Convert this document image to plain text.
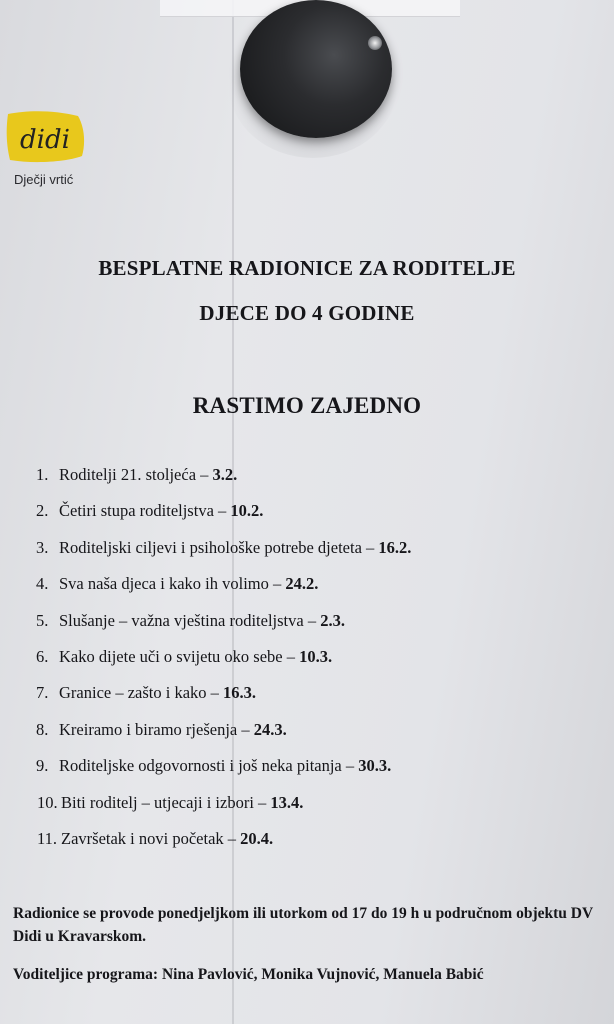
didi
Dječji vrtić
BESPLATNE RADIONICE ZA RODITELJE
DJECE DO 4 GODINE
RASTIMO ZAJEDNO
1. Roditelji 21. stoljeća – 3.2.
2. Četiri stupa roditeljstva – 10.2.
3. Roditeljski ciljevi i psihološke potrebe djeteta – 16.2.
4. Sva naša djeca i kako ih volimo – 24.2.
5. Slušanje – važna vještina roditeljstva – 2.3.
6. Kako dijete uči o svijetu oko sebe – 10.3.
7. Granice – zašto i kako – 16.3.
8. Kreiramo i biramo rješenja – 24.3.
9. Roditeljske odgovornosti i još neka pitanja – 30.3.
10. Biti roditelj – utjecaji i izbori – 13.4.
11. Završetak i novi početak – 20.4.
Radionice se provode ponedjeljkom ili utorkom od 17 do 19 h u područnom objektu DV Didi u Kravarskom.
Voditeljice programa: Nina Pavlović, Monika Vujnović, Manuela Babić
